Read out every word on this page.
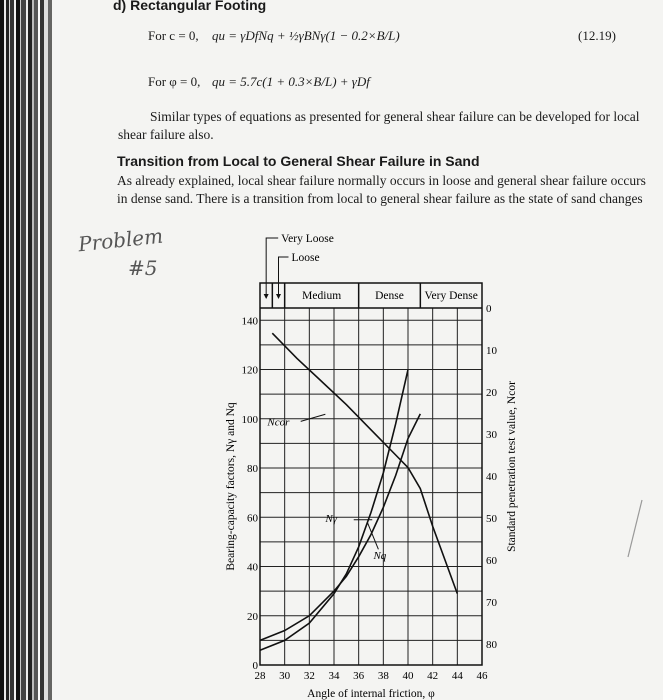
d) Rectangular Footing
For c = 0, qu = γDfNq + ½γBNγ(1 − 0.2×B/L)	(12.19)
For φ = 0, qu = 5.7c(1 + 0.3×B/L) + γDf
Similar types of equations as presented for general shear failure can be developed for local
shear failure also.
Transition from Local to General Shear Failure in Sand
As already explained, local shear failure normally occurs in loose and general shear failure occurs
in dense sand. There is a transition from local to general shear failure as the state of sand changes
Problem
#5
Medium	Dense Very Dense
Very Loose
Loose
0
20
40
60
80
100
120
140
0
10
20
30
40
50
60
70
80
28 30 32 34 36 38 40 42 44 46
Angle of internal friction, φ
Bearing-capacity factors, Nγ and Nq	Standard penetration test value, Ncor
Ncor
Nγ
Nq
